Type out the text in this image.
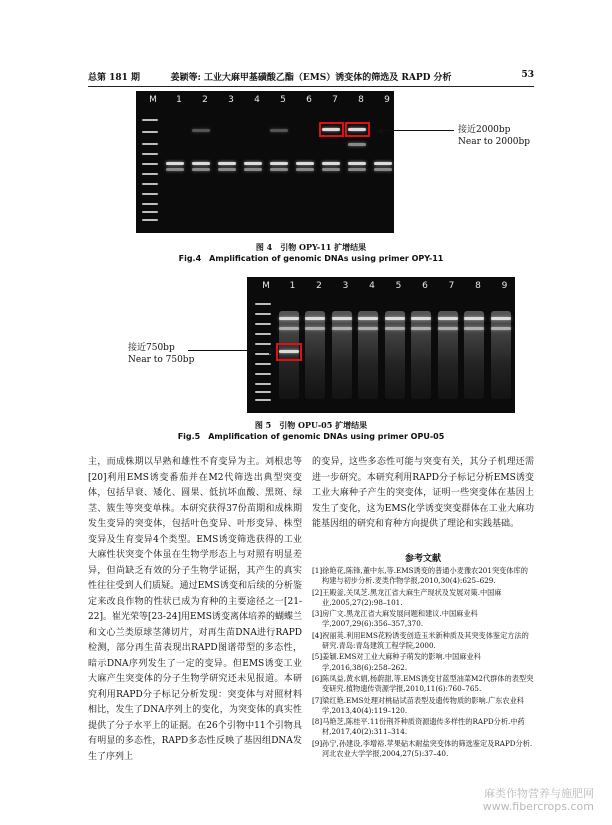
总第 181 期	姜颖等: 工业大麻甲基磺酸乙酯（EMS）诱变体的筛选及 RAPD 分析	53
M	1	2	3	4	5	6	7	8	9
接近2000bp
Near to 2000bp
图 4　引物 OPY-11 扩增结果
Fig.4　Amplification of genomic DNAs using primer OPY-11
M	1	2	3	4	5	6	7	8	9
接近750bp
Near to 750bp
图 5　引物 OPU-05 扩增结果
Fig.5　Amplification of genomic DNAs using primer OPU-05
主，而成株期以早熟和雄性不育变异为主。刘根忠等[20]利用EMS诱变番茄并在M2代筛选出典型突变体，包括早衰、矮化、圆果、低抗坏血酸、黑斑、绿茎、簇生等突变单株。本研究获得37份苗期和成株期发生变异的突变体，包括叶色变异、叶形变异、株型变异及生育变异4个类型。EMS诱变筛选获得的工业大麻性状突变个体虽在生物学形态上与对照有明显差异，但尚缺乏有效的分子生物学证据，其产生的真实性往往受到人们质疑。通过EMS诱变和后续的分析鉴定来改良作物的性状已成为育种的主要途径之一[21-22]。崔光荣等[23-24]用EMS诱变离体培养的蝴蝶兰和文心兰类原球茎薄切片，对再生苗DNA进行RAPD检测，部分再生苗表现出RAPD图谱带型的多态性，暗示DNA序列发生了一定的变异。但EMS诱变工业大麻产生突变体的分子生物学研究还未见报道。本研究利用RAPD分子标记分析发现：突变体与对照材料相比，发生了DNA序列上的变化，为突变体的真实性提供了分子水平上的证据。在26个引物中11个引物具有明显的多态性，RAPD多态性反映了基因组DNA发生了序列上
的变异，这些多态性可能与突变有关，其分子机理还需进一步研究。本研究利用RAPD分子标记分析EMS诱变工业大麻种子产生的突变体，证明一些突变体在基因上发生了变化，这为EMS化学诱变突变群体在工业大麻功能基因组的研究和育种方向提供了理论和实践基础。
参考文献

[1]徐艳花,陈锋,董中东,等.EMS诱变的普通小麦豫农201突变体库的构建与初步分析.麦类作物学报,2010,30(4):625–629.

[2]王殿釜,关凤芝.黑龙江省大麻生产现状及发展对策.中国麻业,2005,27(2):98–101.

[3]房广文.黑龙江省大麻发展问题和建议.中国麻业科学,2007,29(6):356–357,370.

[4]祝丽英.利用EMS花粉诱变创造玉米新种质及其突变体鉴定方法的研究.青岛:青岛建筑工程学院,2000.

[5]姜颖.EMS对工业大麻种子萌发的影响.中国麻业科学,2016,38(6):258–262.

[6]陈凤益,黄水娟,杨蔚甜,等.EMS诱变甘蓝型油菜M2代群体的表型突变研究.植物遗传资源学报,2010,11(6):760–765.

[7]梁红艳.EMS处理对桃砧试苗表型及遗传物质的影响.广东农业科学,2013,40(4):119–120.

[8]马艳芝,陈桂平.11份荆芥种质资源遗传多样性的RAPD分析.中药材,2017,40(2):311–314.

[9]孙宁,孙建设,李增裕.苹果砧木耐盐突变体的筛选鉴定及RAPD分析.河北农业大学学报,2004,27(5):37–40.

麻类作物营养与施肥网
www.fibercrops.com
